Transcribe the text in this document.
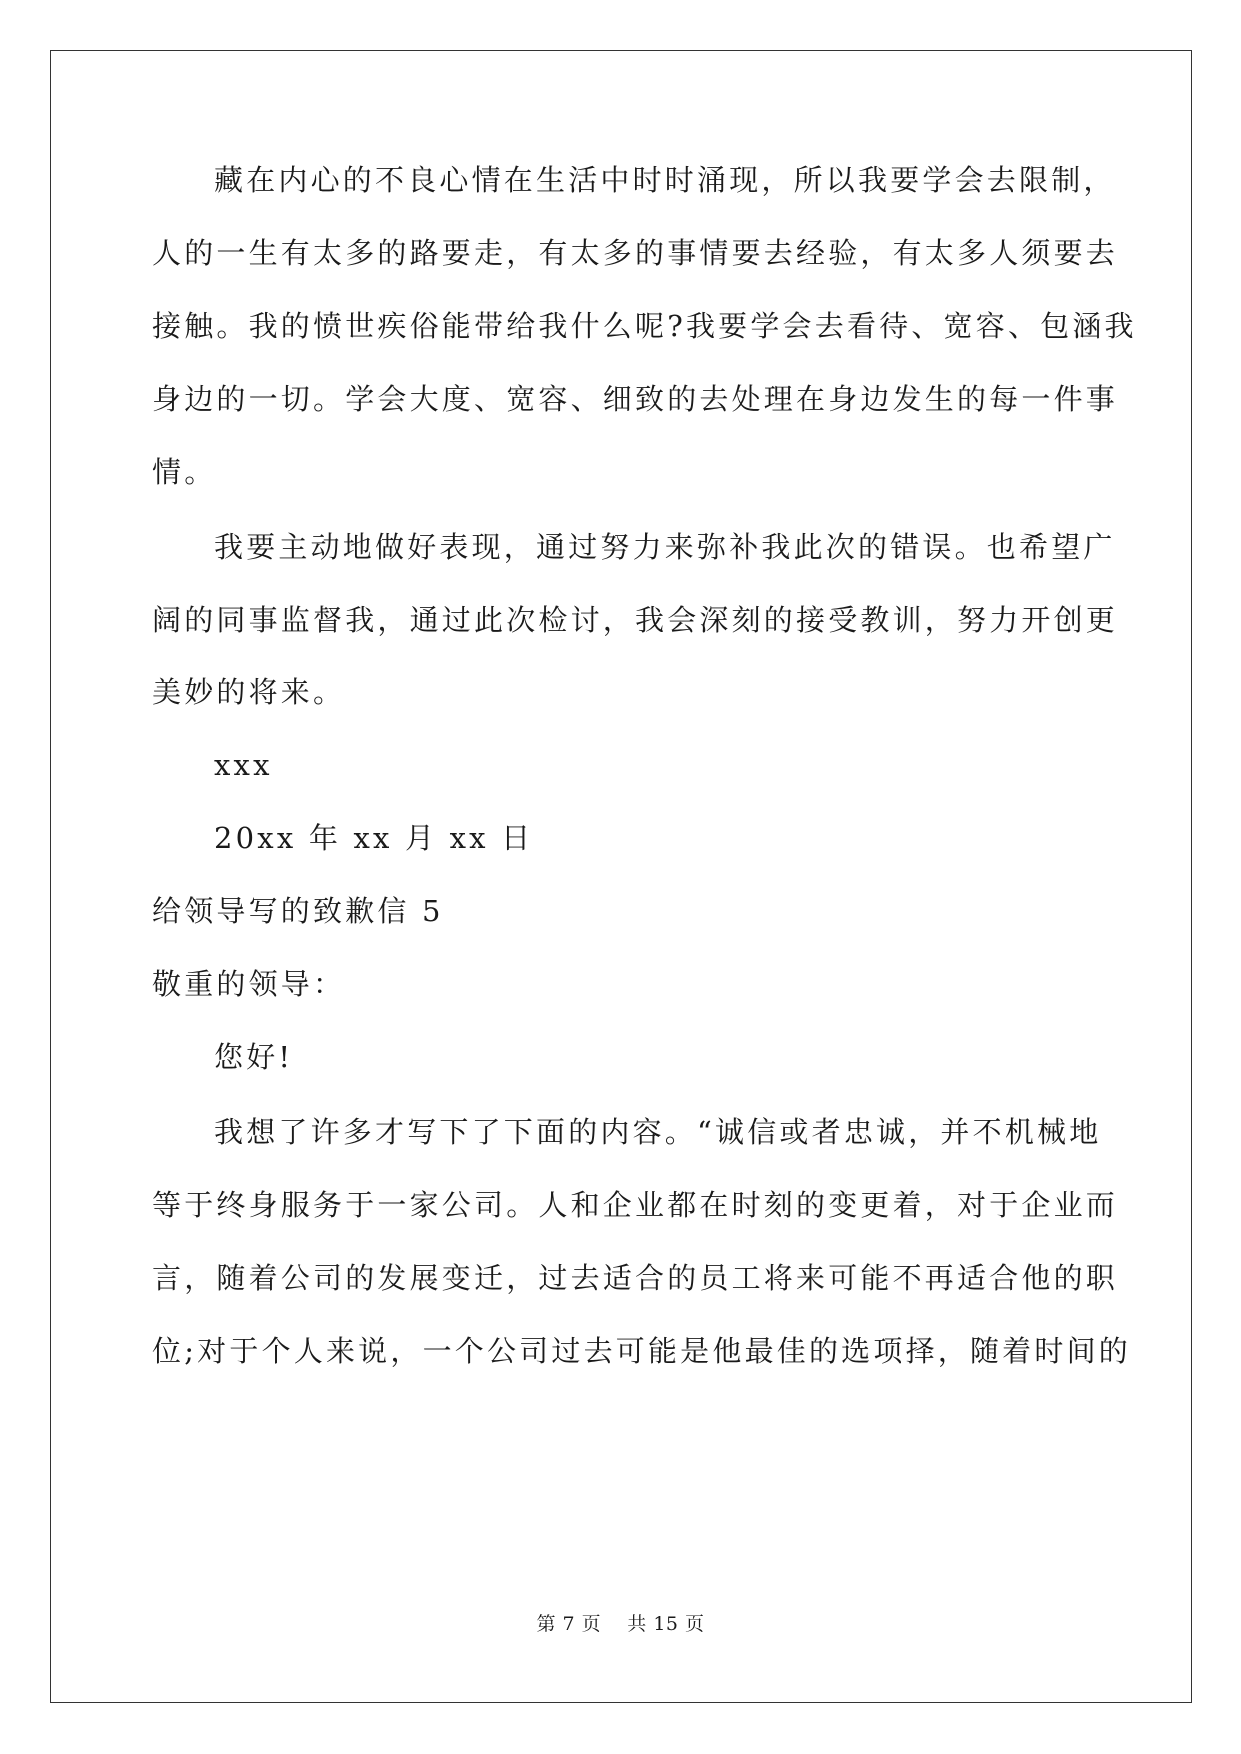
藏在内心的不良心情在生活中时时涌现，所以我要学会去限制，
人的一生有太多的路要走，有太多的事情要去经验，有太多人须要去
接触。我的愤世疾俗能带给我什么呢?我要学会去看待、宽容、包涵我
身边的一切。学会大度、宽容、细致的去处理在身边发生的每一件事
情。
我要主动地做好表现，通过努力来弥补我此次的错误。也希望广
阔的同事监督我，通过此次检讨，我会深刻的接受教训，努力开创更
美妙的将来。
xxx
20xx 年 xx 月 xx 日
给领导写的致歉信 5
敬重的领导：
您好!
我想了许多才写下了下面的内容。“诚信或者忠诚，并不机械地
等于终身服务于一家公司。人和企业都在时刻的变更着，对于企业而
言，随着公司的发展变迁，过去适合的员工将来可能不再适合他的职
位;对于个人来说，一个公司过去可能是他最佳的选项择，随着时间的
第 7 页    共 15 页
